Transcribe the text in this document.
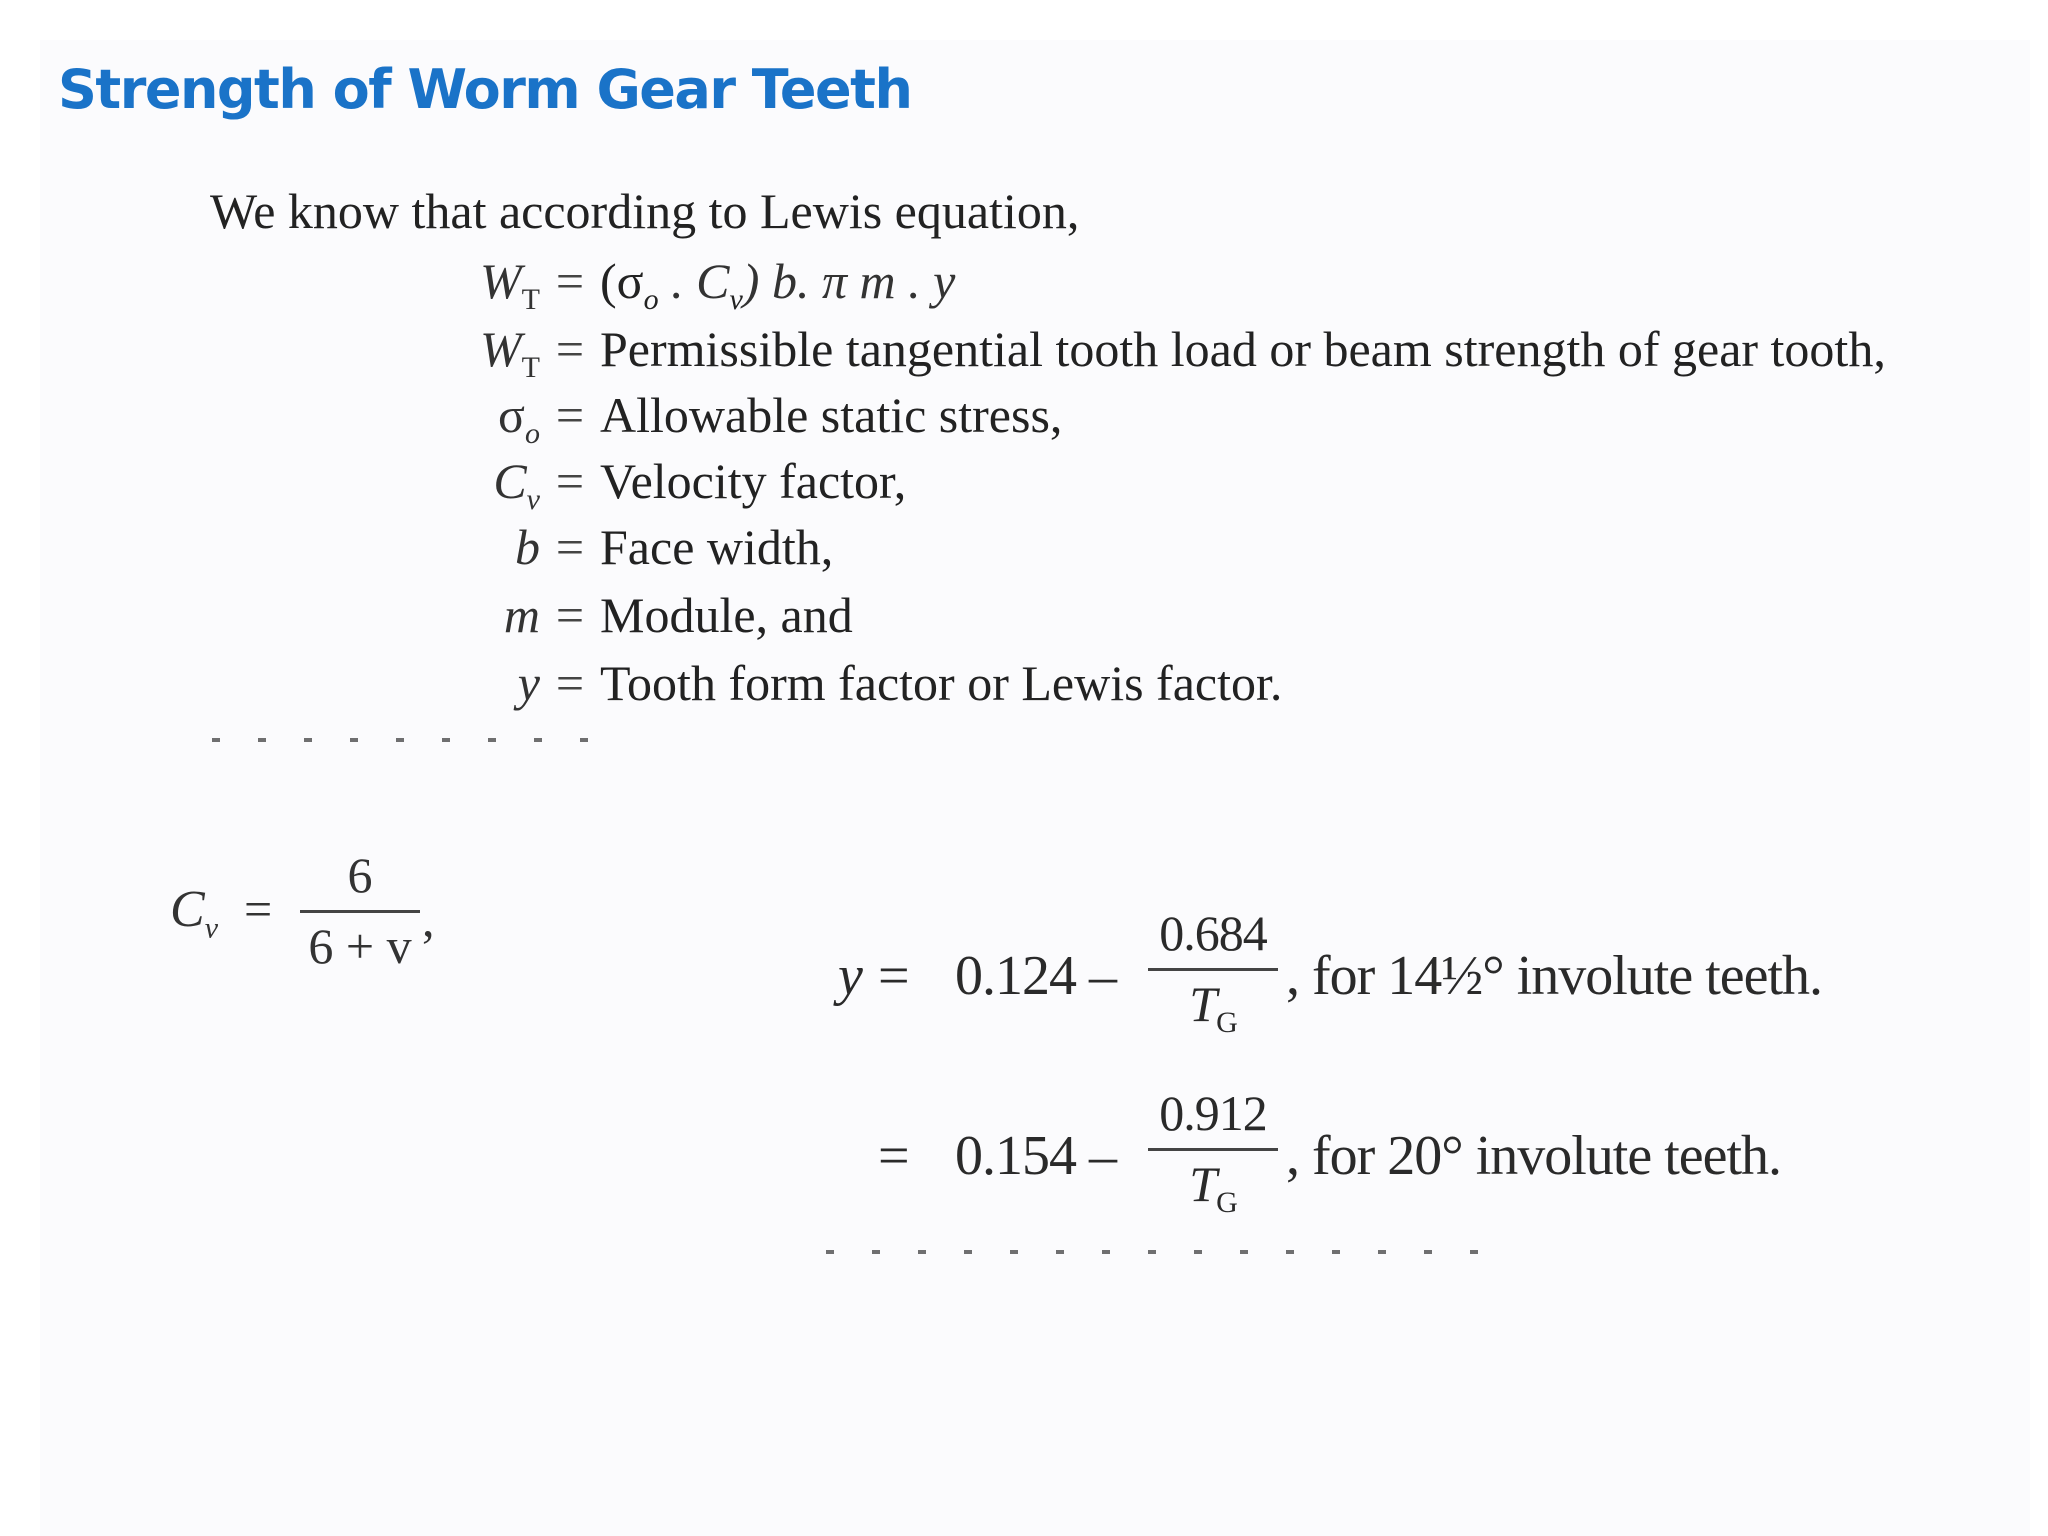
Strength of Worm Gear Teeth
We know that according to Lewis equation,
$W_T = (\sigma_o$ . $C_v$) b. π m . y
$W_T$ = Permissible tangential tooth load or beam strength of gear tooth,
$\sigma_o$ = Allowable static stress,
$C_v$ = Velocity factor,
b = Face width,
m = Module, and
y = Tooth form factor or Lewis factor.
$C_v$ =
6
6 + v ,
y = 0.124 –
0.684
$T_G$
, for 14½° involute teeth.
= 0.154 –
0.912
$T_G$
, for 20° involute teeth.
